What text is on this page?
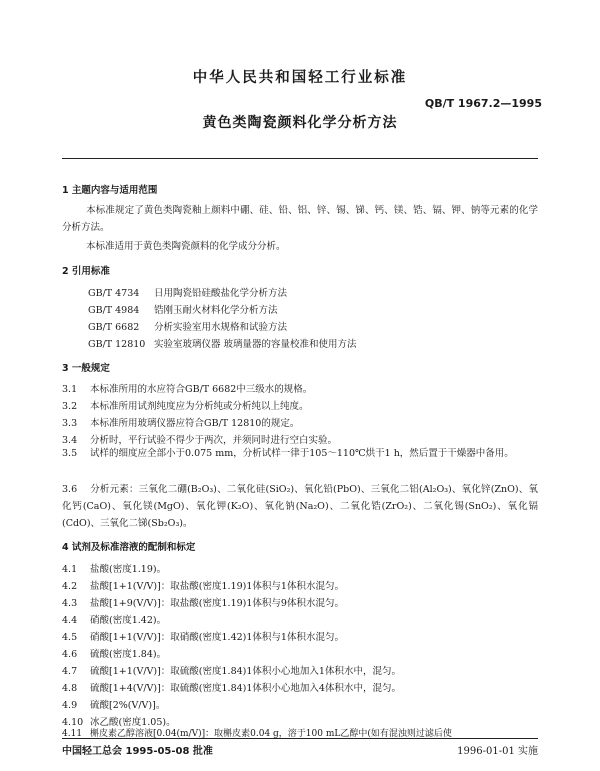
中华人民共和国轻工行业标准
QB/T 1967.2—1995
黄色类陶瓷颜料化学分析方法
1 主题内容与适用范围
本标准规定了黄色类陶瓷釉上颜料中硼、硅、铅、铝、锌、锡、锑、钙、镁、锆、镉、钾、钠等元素的化学分析方法。
本标准适用于黄色类陶瓷颜料的化学成分分析。
2 引用标准
GB/T 4734 日用陶瓷铅硅酸盐化学分析方法
GB/T 4984 锆刚玉耐火材料化学分析方法
GB/T 6682 分析实验室用水规格和试验方法
GB/T 12810 实验室玻璃仪器 玻璃量器的容量校准和使用方法
3 一般规定
3.1 本标准所用的水应符合GB/T 6682中三级水的规格。
3.2 本标准所用试剂纯度应为分析纯或分析纯以上纯度。
3.3 本标准所用玻璃仪器应符合GB/T 12810的规定。
3.4 分析时，平行试验不得少于两次，并须同时进行空白实验。
3.5 试样的细度应全部小于0.075 mm，分析试样一律于105～110℃烘干1 h，然后置于干燥器中备用。
3.6 分析元素：三氧化二硼(B₂O₃)、二氧化硅(SiO₂)、氧化铅(PbO)、三氧化二铝(Al₂O₃)、氧化锌(ZnO)、氧化钙(CaO)、氧化镁(MgO)、氧化钾(K₂O)、氧化钠(Na₂O)、二氧化锆(ZrO₂)、二氧化锡(SnO₂)、氧化镉(CdO)、三氧化二锑(Sb₂O₃)。
4 试剂及标准溶液的配制和标定
4.1 盐酸(密度1.19)。
4.2 盐酸[1+1(V/V)]：取盐酸(密度1.19)1体积与1体积水混匀。
4.3 盐酸[1+9(V/V)]：取盐酸(密度1.19)1体积与9体积水混匀。
4.4 硝酸(密度1.42)。
4.5 硝酸[1+1(V/V)]：取硝酸(密度1.42)1体积与1体积水混匀。
4.6 硫酸(密度1.84)。
4.7 硫酸[1+1(V/V)]：取硫酸(密度1.84)1体积小心地加入1体积水中，混匀。
4.8 硫酸[1+4(V/V)]：取硫酸(密度1.84)1体积小心地加入4体积水中，混匀。
4.9 硫酸[2%(V/V)]。
4.10 冰乙酸(密度1.05)。
4.11 槲皮素乙醇溶液[0.04(m/V)]：取槲皮素0.04 g，溶于100 mL乙醇中(如有混浊则过滤后使
中国轻工总会 1995-05-08 批准	1996-01-01 实施
